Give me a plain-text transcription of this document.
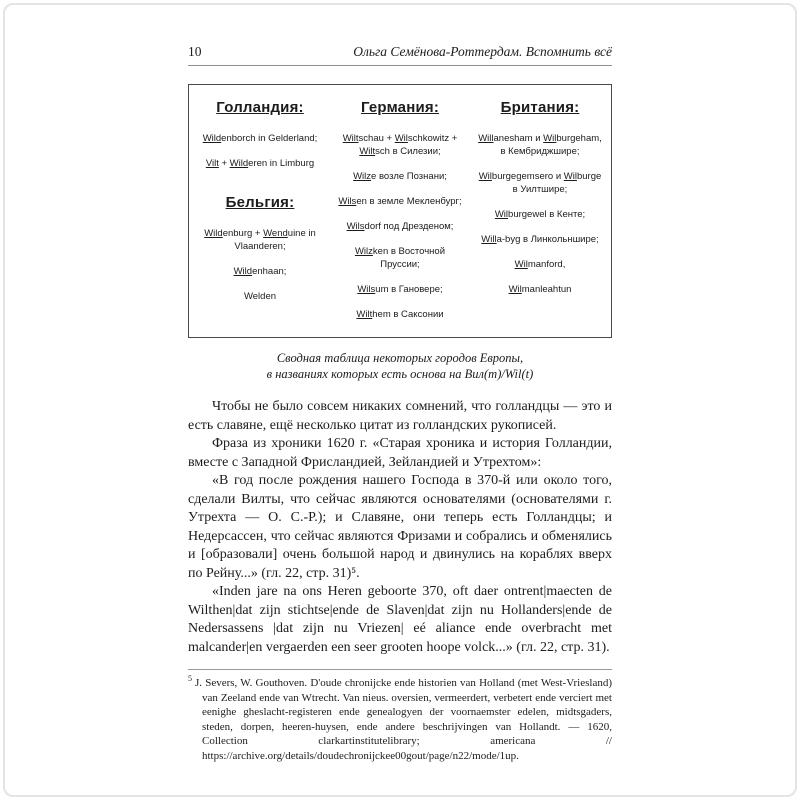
10	Ольга Семёнова-Роттердам. Вспомнить всё
Голландия:
Wildenborch in Gelderland;
Vilt + Wilderen in Limburg
Бельгия:
Wildenburg + Wenduine in Vlaanderen;
Wildenhaan;
Welden
Германия:
Wiltschau + Wilschkowitz + Wiltsch в Силезии;
Wilze возле Познани;
Wilsen в земле Мекленбург;
Wilsdorf под Дрезденом;
Wilzken в Восточной Пруссии;
Wilsum в Гановере;
Wilthem в Саксонии
Британия:
Willanesham и Wilburgeham, в Кембриджшире;
Wilburgegemsero и Wilburge в Уилтшире;
Wilburgewel в Кенте;
Willa-byg в Линкольншире;
Wilmanford,
Wilmanleahtun
Сводная таблица некоторых городов Европы,
в названиях которых есть основа на Вил(т)/Wil(t)

Чтобы не было совсем никаких сомнений, что голландцы — это и есть славяне, ещё несколько цитат из голландских рукописей.

Фраза из хроники 1620 г. «Старая хроника и история Голландии, вместе с Западной Фрисландией, Зейландией и Утрехтом»:

«В год после рождения нашего Господа в 370-й или около того, сделали Вилты, что сейчас являются основателями (основателями г. Утрехта — О. С.-Р.); и Славяне, они теперь есть Голландцы; и Недерсассен, что сейчас являются Фризами и собрались и обменялись и [образовали] очень большой народ и двинулись на кораблях вверх по Рейну...» (гл. 22, стр. 31)⁵.

«Inden jare na ons Heren geboorte 370, oft daer ontrent|maecten de Wilthen|dat zijn stichtse|ende de Slaven|dat zijn nu Hollanders|ende de Nedersassens |dat zijn nu Vriezen| eé aliance ende overbracht met malcander|en vergaerden een seer grooten hoope volck...» (гл. 22, стр. 31).

$^5$ J. Severs, W. Gouthoven. D'oude chronijcke ende historien van Holland (met West-Vriesland) van Zeeland ende van Wtrecht. Van nieus. oversien, vermeerdert, verbetert ende verciert met eenighe gheslacht-registeren ende genealogyen der voornaemster edelen, midtsgaders, steden, dorpen, heeren-huysen, ende andere beschrijvingen van Hollandt. — 1620, Collection clarkartinstitutelibrary; americana // https://archive.org/details/doudechronijckee00gout/page/n22/mode/1up.
